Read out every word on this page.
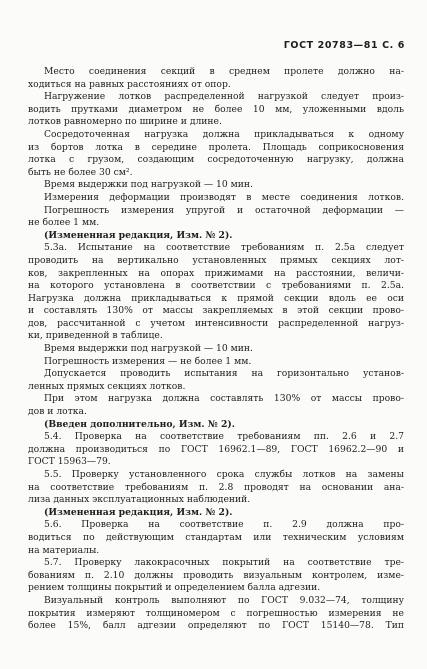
ГОСТ 20783—81 С. 6
Место соединения секций в среднем пролете должно на-
ходиться на равных расстояниях от опор.
Нагружение лотков распределенной нагрузкой следует произ-
водить прутками диаметром не более 10 мм, уложенными вдоль
лотков равномерно по ширине и длине.
Сосредоточенная нагрузка должна прикладываться к одному
из бортов лотка в середине пролета. Площадь соприкосновения
лотка с грузом, создающим сосредоточенную нагрузку, должна
быть не более 30 см².
Время выдержки под нагрузкой — 10 мин.
Измерения деформации производят в месте соединения лотков.
Погрешность измерения упругой и остаточной деформации —
не более 1 мм.
(Измененная редакция, Изм. № 2).
5.3а. Испытание на соответствие требованиям п. 2.5а следует
проводить на вертикально установленных прямых секциях лот-
ков, закрепленных на опорах прижимами на расстоянии, величи-
на которого установлена в соответствии с требованиями п. 2.5а.
Нагрузка должна прикладываться к прямой секции вдоль ее оси
и составлять 130% от массы закрепляемых в этой секции прово-
дов, рассчитанной с учетом интенсивности распределенной нагруз-
ки, приведенной в таблице.
Время выдержки под нагрузкой — 10 мин.
Погрешность измерения — не более 1 мм.
Допускается проводить испытания на горизонтально установ-
ленных прямых секциях лотков.
При этом нагрузка должна составлять 130% от массы прово-
дов и лотка.
(Введен дополнительно, Изм. № 2).
5.4. Проверка на соответствие требованиям пп. 2.6 и 2.7
должна производиться по ГОСТ 16962.1—89, ГОСТ 16962.2—90 и
ГОСТ 15963—79.
5.5. Проверку установленного срока службы лотков на замены
на соответствие требованиям п. 2.8 проводят на основании ана-
лиза данных эксплуатационных наблюдений.
(Измененная редакция, Изм. № 2).
5.6. Проверка на соответствие п. 2.9 должна про-
водиться по действующим стандартам или техническим условиям
на материалы.
5.7. Проверку лакокрасочных покрытий на соответствие тре-
бованиям п. 2.10 должны проводить визуальным контролем, изме-
рением толщины покрытий и определением балла адгезии.
Визуальный контроль выполняют по ГОСТ 9.032—74, толщину
покрытия измеряют толщиномером с погрешностью измерения не
более 15%, балл адгезии определяют по ГОСТ 15140—78. Тип
